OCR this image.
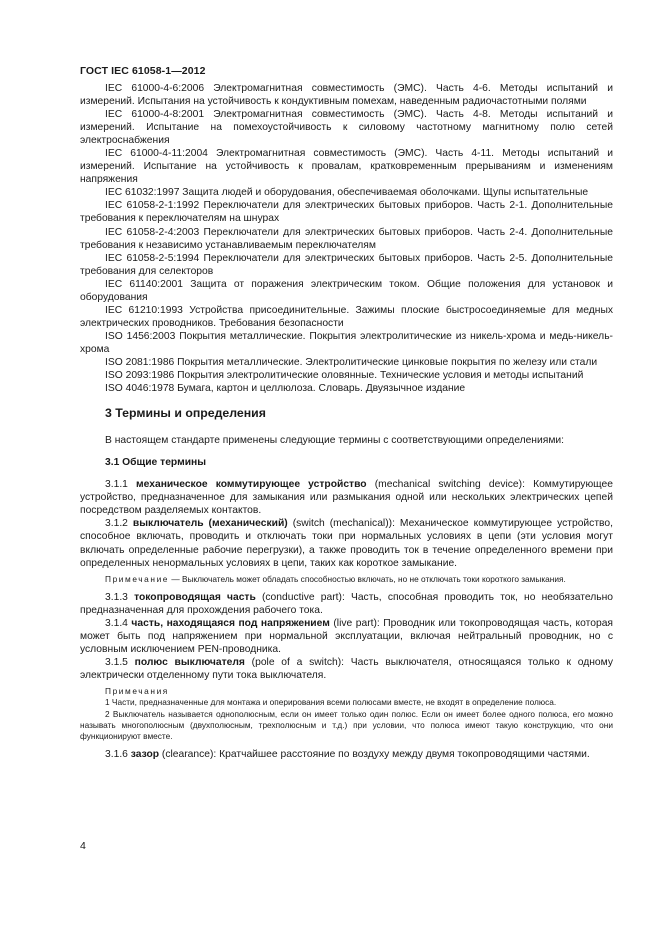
ГОСТ IEC 61058-1—2012

IEC 61000-4-6:2006 Электромагнитная совместимость (ЭМС). Часть 4-6. Методы испытаний и измерений. Испытания на устойчивость к кондуктивным помехам, наведенным радиочастотными полями

IEC 61000-4-8:2001 Электромагнитная совместимость (ЭМС). Часть 4-8. Методы испытаний и измерений. Испытание на помехоустойчивость к силовому частотному магнитному полю сетей электроснабжения

IEC 61000-4-11:2004 Электромагнитная совместимость (ЭМС). Часть 4-11. Методы испытаний и измерений. Испытание на устойчивость к провалам, кратковременным прерываниям и изменениям напряжения

IEC 61032:1997 Защита людей и оборудования, обеспечиваемая оболочками. Щупы испытательные

IEC 61058-2-1:1992 Переключатели для электрических бытовых приборов. Часть 2-1. Дополнительные требования к переключателям на шнурах

IEC 61058-2-4:2003 Переключатели для электрических бытовых приборов. Часть 2-4. Дополнительные требования к независимо устанавливаемым переключателям

IEC 61058-2-5:1994 Переключатели для электрических бытовых приборов. Часть 2-5. Дополнительные требования для селекторов

IEC 61140:2001 Защита от поражения электрическим током. Общие положения для установок и оборудования

IEC 61210:1993 Устройства присоединительные. Зажимы плоские быстросоединяемые для медных электрических проводников. Требования безопасности

ISO 1456:2003 Покрытия металлические. Покрытия электролитические из никель-хрома и медь-никель-хрома

ISO 2081:1986 Покрытия металлические. Электролитические цинковые покрытия по железу или стали

ISO 2093:1986 Покрытия электролитические оловянные. Технические условия и методы испытаний

ISO 4046:1978 Бумага, картон и целлюлоза. Словарь. Двуязычное издание

3 Термины и определения

В настоящем стандарте применены следующие термины с соответствующими определениями:

3.1 Общие термины

3.1.1 механическое коммутирующее устройство (mechanical switching device): Коммутирующее устройство, предназначенное для замыкания или размыкания одной или нескольких электрических цепей посредством разделяемых контактов.

3.1.2 выключатель (механический) (switch (mechanical)): Механическое коммутирующее устройство, способное включать, проводить и отключать токи при нормальных условиях в цепи (эти условия могут включать определенные рабочие перегрузки), а также проводить ток в течение определенного времени при определенных ненормальных условиях в цепи, таких как короткое замыкание.

Примечание — Выключатель может обладать способностью включать, но не отключать токи короткого замыкания.

3.1.3 токопроводящая часть (conductive part): Часть, способная проводить ток, но необязательно предназначенная для прохождения рабочего тока.

3.1.4 часть, находящаяся под напряжением (live part): Проводник или токопроводящая часть, которая может быть под напряжением при нормальной эксплуатации, включая нейтральный проводник, но с условным исключением PEN-проводника.

3.1.5 полюс выключателя (pole of a switch): Часть выключателя, относящаяся только к одному электрически отделенному пути тока выключателя.

Примечания

1 Части, предназначенные для монтажа и оперирования всеми полюсами вместе, не входят в определение полюса.

2 Выключатель называется однополюсным, если он имеет только один полюс. Если он имеет более одного полюса, его можно называть многополюсным (двухполюсным, трехполюсным и т.д.) при условии, что полюса имеют такую конструкцию, что они функционируют вместе.

3.1.6 зазор (clearance): Кратчайшее расстояние по воздуху между двумя токопроводящими частями.

4
